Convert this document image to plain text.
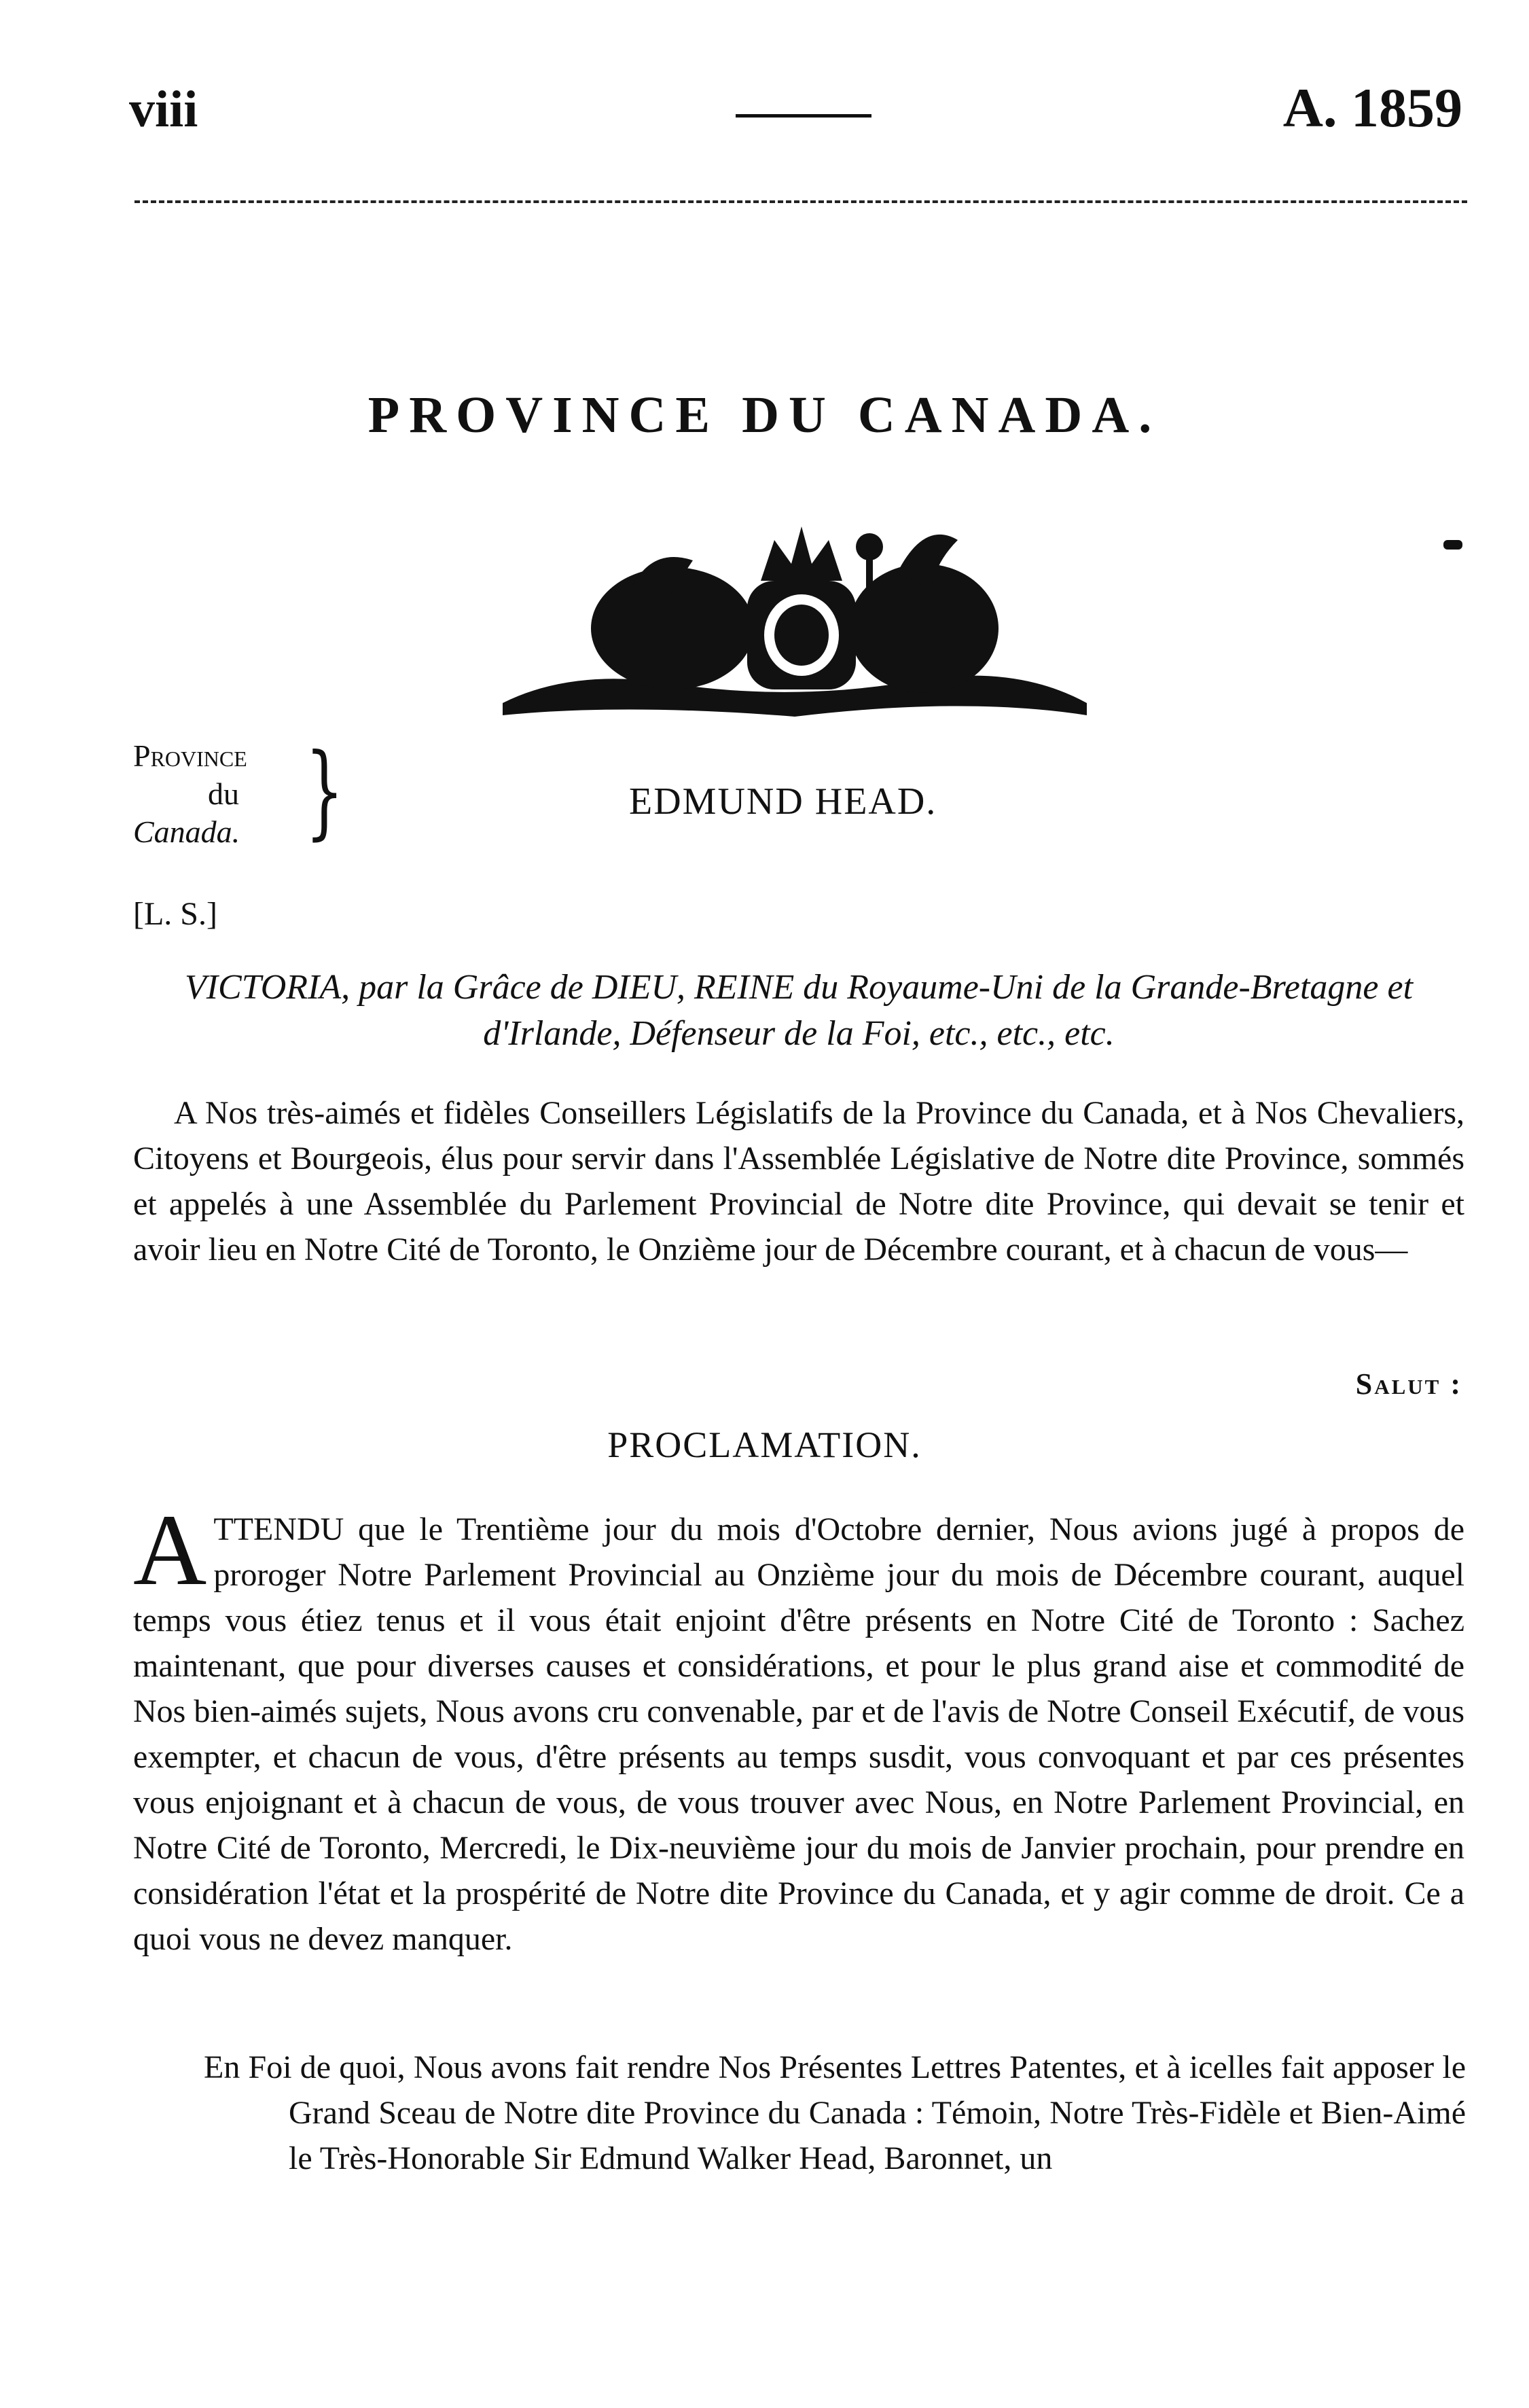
viii	A. 1859
PROVINCE DU CANADA.
Province
du
Canada. }	EDMUND HEAD.
[L. S.]
VICTORIA, par la Grâce de DIEU, REINE du Royaume-Uni de la Grande-Bretagne et d'Irlande, Défenseur de la Foi, etc., etc., etc.
A Nos très-aimés et fidèles Conseillers Législatifs de la Province du Canada, et à Nos Chevaliers, Citoyens et Bourgeois, élus pour servir dans l'Assemblée Législative de Notre dite Province, sommés et appelés à une Assemblée du Parlement Provincial de Notre dite Province, qui devait se tenir et avoir lieu en Notre Cité de Toronto, le Onzième jour de Décembre courant, et à chacun de vous—
Salut :
PROCLAMATION.
A TTENDU que le Trentième jour du mois d'Octobre dernier, Nous avions jugé à propos de proroger Notre Parlement Provincial au Onzième jour du mois de Décembre courant, auquel temps vous étiez tenus et il vous était enjoint d'être présents en Notre Cité de Toronto : Sachez maintenant, que pour diverses causes et considérations, et pour le plus grand aise et commodité de Nos bien-aimés sujets, Nous avons cru convenable, par et de l'avis de Notre Conseil Exécutif, de vous exempter, et chacun de vous, d'être présents au temps susdit, vous convoquant et par ces présentes vous enjoignant et à chacun de vous, de vous trouver avec Nous, en Notre Parlement Provincial, en Notre Cité de Toronto, Mercredi, le Dix-neuvième jour du mois de Janvier prochain, pour prendre en considération l'état et la prospérité de Notre dite Province du Canada, et y agir comme de droit. Ce a quoi vous ne devez manquer.
En Foi de quoi, Nous avons fait rendre Nos Présentes Lettres Patentes, et à icelles fait apposer le Grand Sceau de Notre dite Province du Canada : Témoin, Notre Très-Fidèle et Bien-Aimé le Très-Honorable Sir Edmund Walker Head, Baronnet, un
